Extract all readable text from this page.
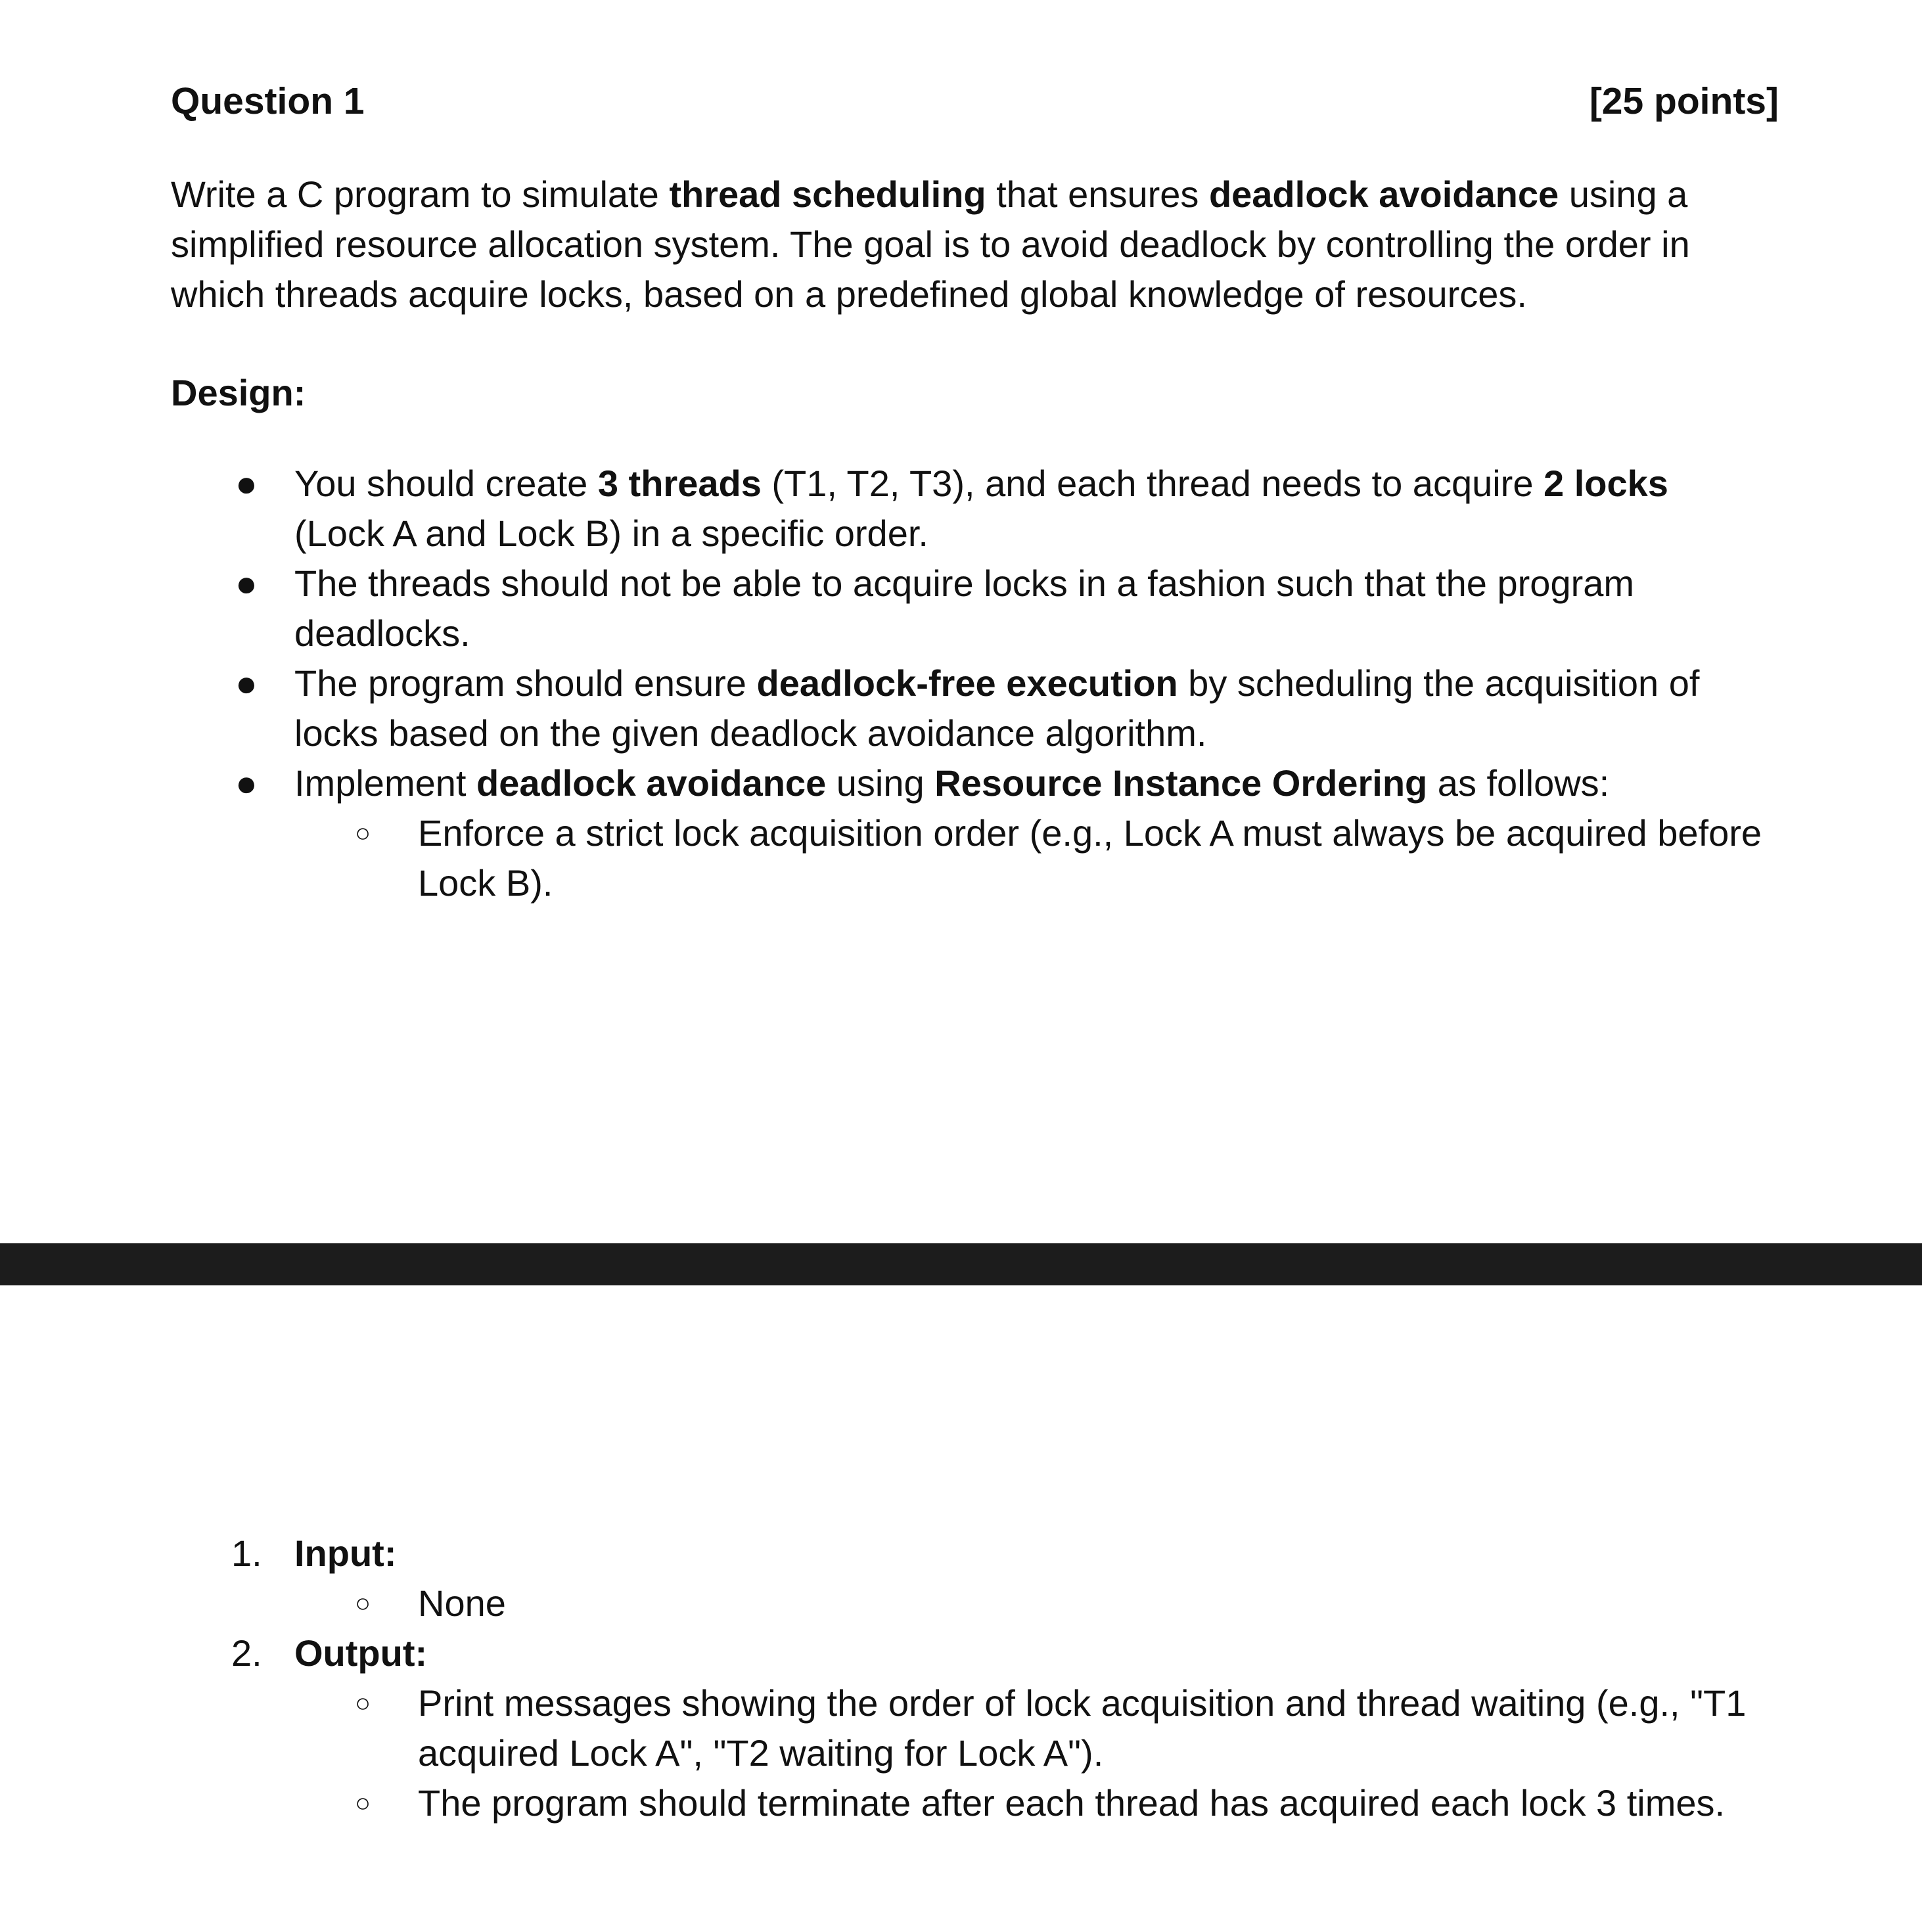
Question 1	[25 points]
Write a C program to simulate thread scheduling that ensures deadlock avoidance using a simplified resource allocation system. The goal is to avoid deadlock by controlling the order in which threads acquire locks, based on a predefined global knowledge of resources.
Design:
● You should create 3 threads (T1, T2, T3), and each thread needs to acquire 2 locks (Lock A and Lock B) in a specific order.
● The threads should not be able to acquire locks in a fashion such that the program deadlocks.
● The program should ensure deadlock-free execution by scheduling the acquisition of locks based on the given deadlock avoidance algorithm.
● Implement deadlock avoidance using Resource Instance Ordering as follows:
○ Enforce a strict lock acquisition order (e.g., Lock A must always be acquired before Lock B).
1. Input:
○ None
2. Output:
○ Print messages showing the order of lock acquisition and thread waiting (e.g., "T1 acquired Lock A", "T2 waiting for Lock A").
○ The program should terminate after each thread has acquired each lock 3 times.
